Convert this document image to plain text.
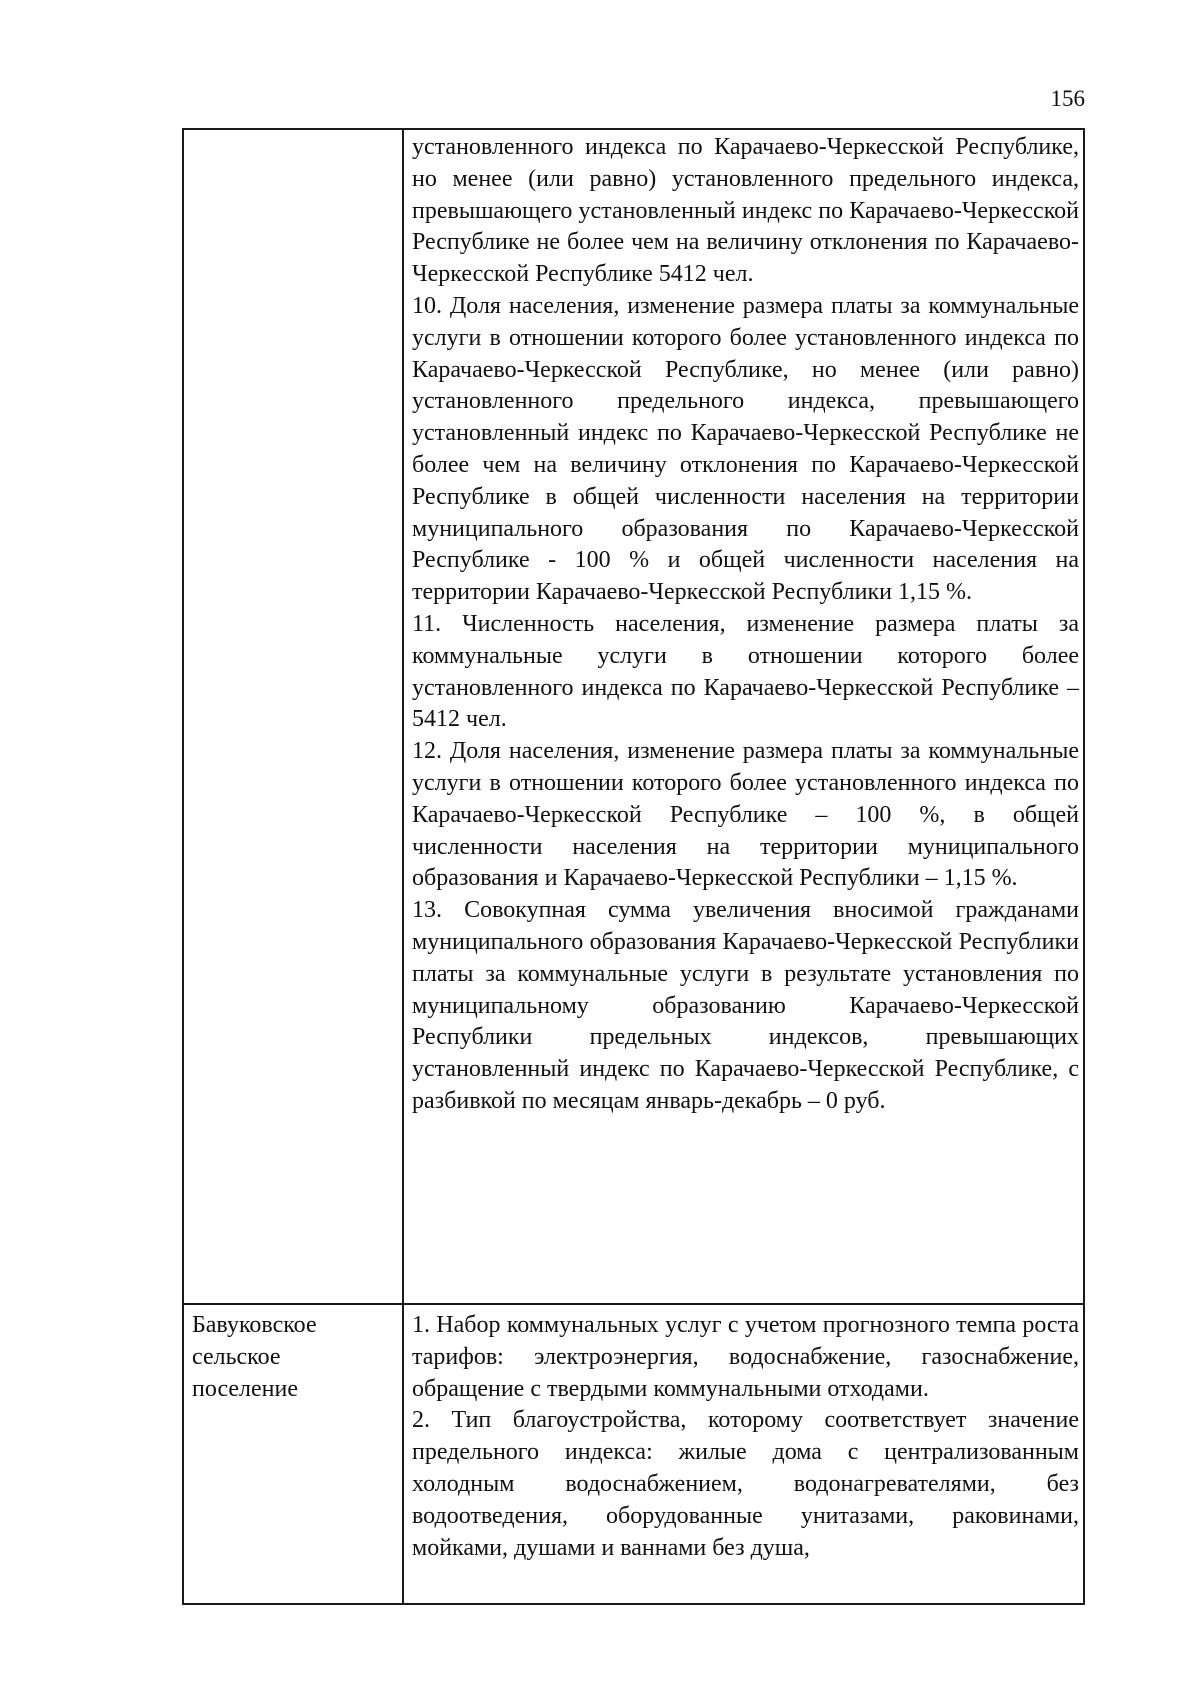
156

установленного индекса по Карачаево-Черкесской Республике, но менее (или равно) установленного предельного индекса, превышающего установленный индекс по Карачаево-Черкесской Республике не более чем на величину отклонения по Карачаево-Черкесской Республике 5412 чел.

10. Доля населения, изменение размера платы за коммунальные услуги в отношении которого более установленного индекса по Карачаево-Черкесской Республике, но менее (или равно) установленного предельного индекса, превышающего установленный индекс по Карачаево-Черкесской Республике не более чем на величину отклонения по Карачаево-Черкесской Республике в общей численности населения на территории муниципального образования по Карачаево-Черкесской Республике - 100 % и общей численности населения на территории Карачаево-Черкесской Республики 1,15 %.

11. Численность населения, изменение размера платы за коммунальные услуги в отношении которого более установленного индекса по Карачаево-Черкесской Республике – 5412 чел.

12. Доля населения, изменение размера платы за коммунальные услуги в отношении которого более установленного индекса по Карачаево-Черкесской Республике – 100 %, в общей численности населения на территории муниципального образования и Карачаево-Черкесской Республики – 1,15 %.

13. Совокупная сумма увеличения вносимой гражданами муниципального образования Карачаево-Черкесской Республики платы за коммунальные услуги в результате установления по муниципальному образованию Карачаево-Черкесской Республики предельных индексов, превышающих установленный индекс по Карачаево-Черкесской Республике, с разбивкой по месяцам январь-декабрь – 0 руб.

Бавуковское сельское поселение

1. Набор коммунальных услуг с учетом прогнозного темпа роста тарифов: электроэнергия, водоснабжение, газоснабжение, обращение с твердыми коммунальными отходами.

2. Тип благоустройства, которому соответствует значение предельного индекса: жилые дома с централизованным холодным водоснабжением, водонагревателями, без водоотведения, оборудованные унитазами, раковинами, мойками, душами и ваннами без душа,
